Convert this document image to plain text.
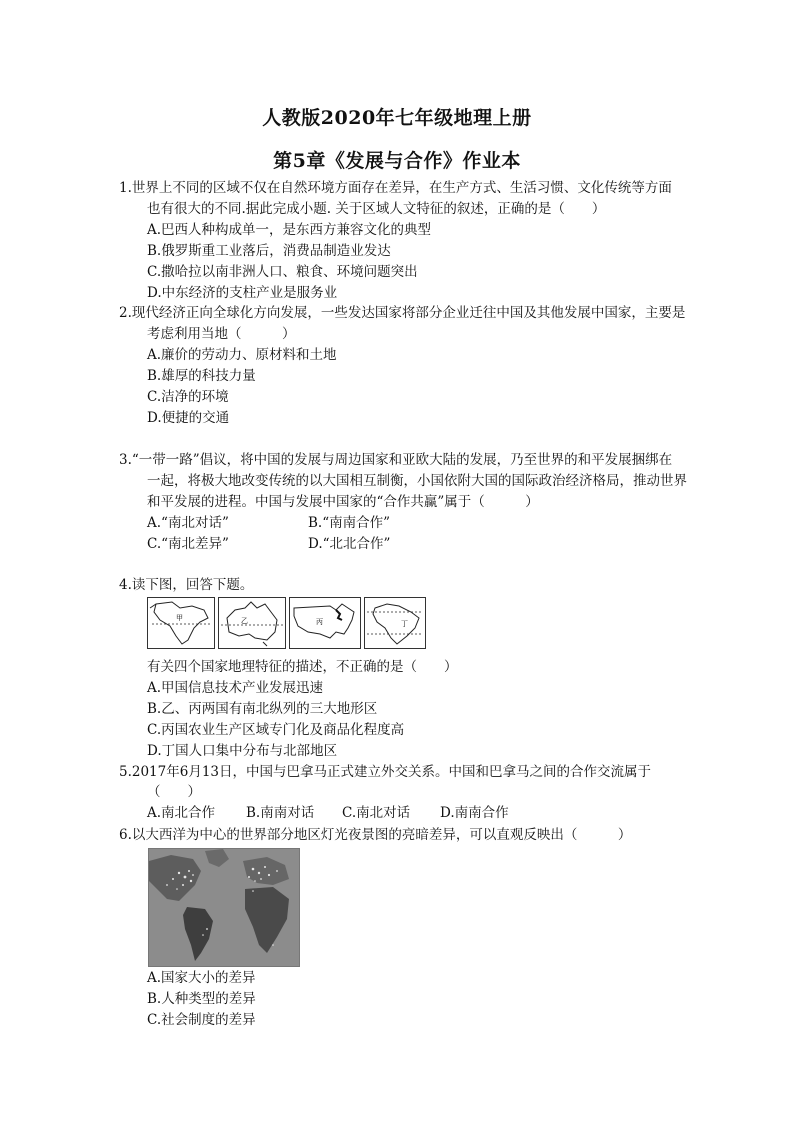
人教版2020年七年级地理上册
第5章《发展与合作》作业本
1.世界上不同的区域不仅在自然环境方面存在差异，在生产方式、生活习惯、文化传统等方面
也有很大的不同.据此完成小题. 关于区域人文特征的叙述，正确的是（　　）
A.巴西人种构成单一，是东西方兼容文化的典型
B.俄罗斯重工业落后，消费品制造业发达
C.撒哈拉以南非洲人口、粮食、环境问题突出
D.中东经济的支柱产业是服务业
2.现代经济正向全球化方向发展，一些发达国家将部分企业迁往中国及其他发展中国家，主要是
考虑利用当地（　　　）
A.廉价的劳动力、原材料和土地
B.雄厚的科技力量
C.洁净的环境
D.便捷的交通
3.“一带一路”倡议，将中国的发展与周边国家和亚欧大陆的发展，乃至世界的和平发展捆绑在
一起，将极大地改变传统的以大国相互制衡，小国依附大国的国际政治经济格局，推动世界
和平发展的进程。中国与发展中国家的“合作共赢”属于（　　　）
A.“南北对话”	B.“南南合作”
C.“南北差异”	D.“北北合作”
4.读下图，回答下题。
甲	乙	丙	丁
有关四个国家地理特征的描述，不正确的是（　　）
A.甲国信息技术产业发展迅速
B.乙、丙两国有南北纵列的三大地形区
C.丙国农业生产区域专门化及商品化程度高
D.丁国人口集中分布与北部地区
5.2017年6月13日，中国与巴拿马正式建立外交关系。中国和巴拿马之间的合作交流属于
（　　）
A.南北合作 B.南南对话 C.南北对话 D.南南合作
6.以大西洋为中心的世界部分地区灯光夜景图的亮暗差异，可以直观反映出（　　　）
A.国家大小的差异
B.人种类型的差异
C.社会制度的差异
